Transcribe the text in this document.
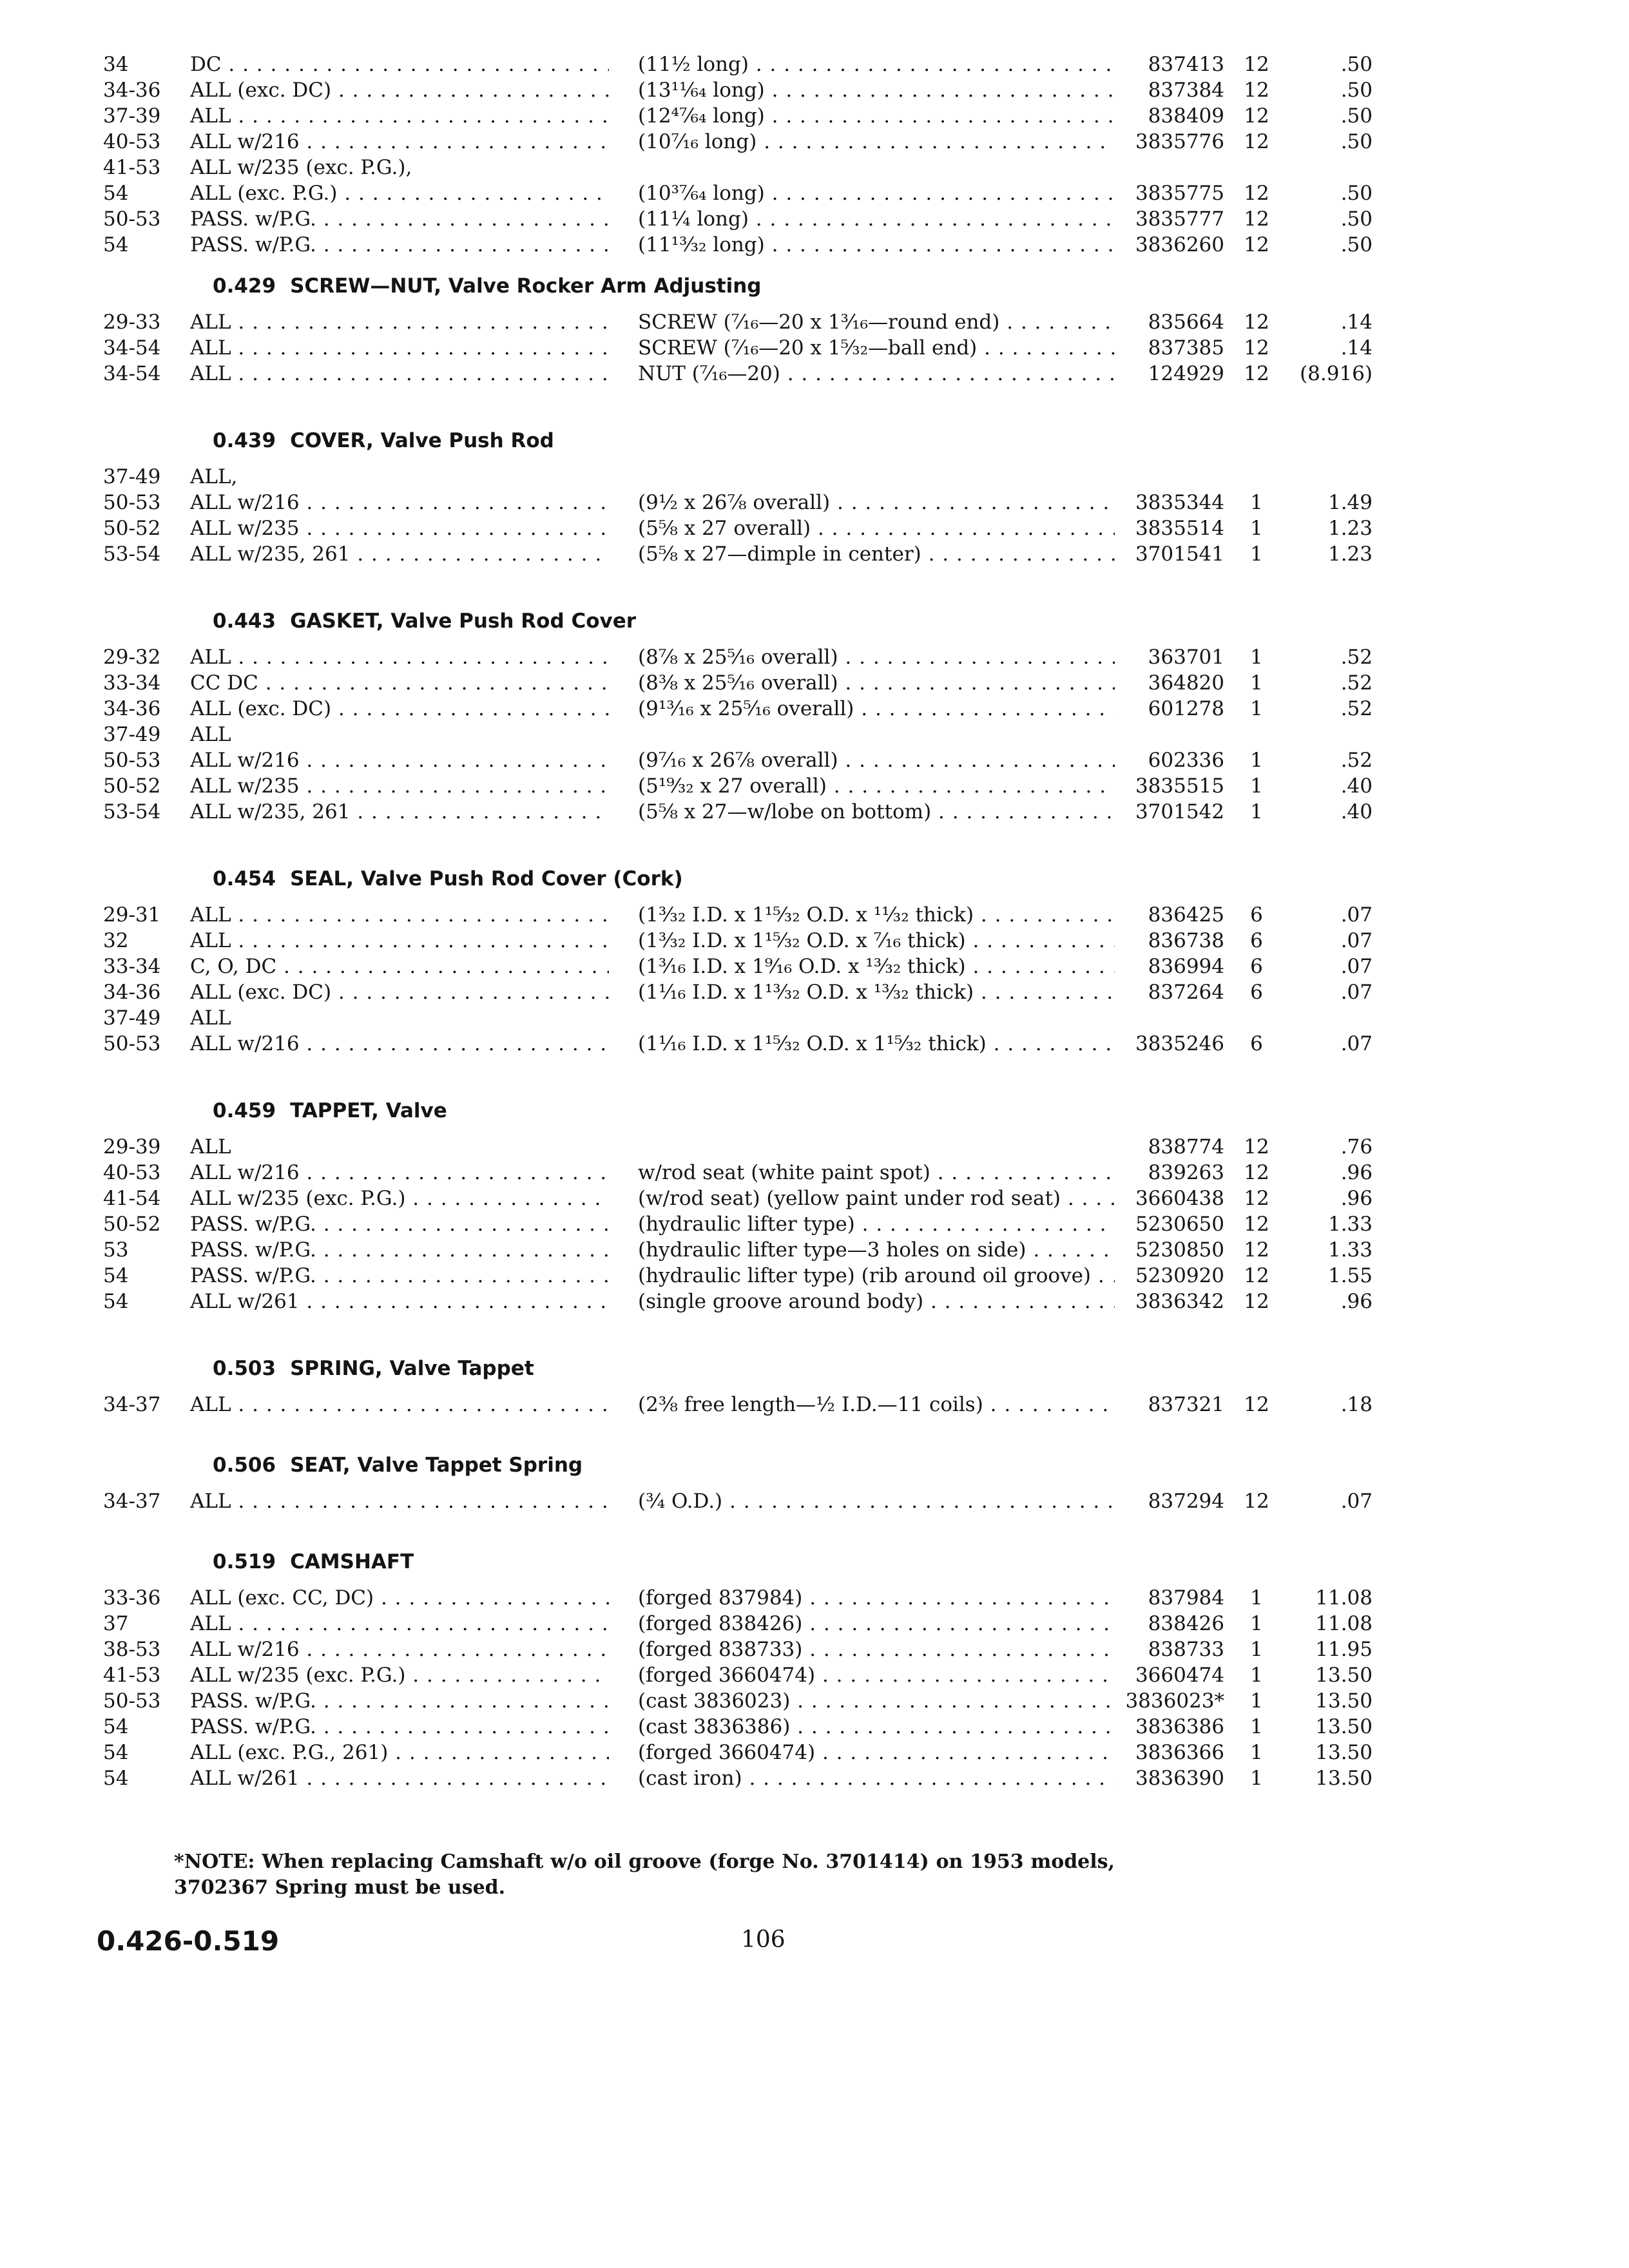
34	DC . . .	(11½ long) . . .	837413 12	.50
34-36	ALL (exc. DC) . . .	(13¹¹⁄₆₄ long) . . .	837384 12	.50
37-39	ALL . . .	(12⁴⁷⁄₆₄ long) . . .	838409 12	.50
40-53	ALL w/216 . . .	(10⁷⁄₁₆ long) . . .	3835776 12	.50
41-53	ALL w/235 (exc. P.G.),
54	ALL (exc. P.G.) . . .	(10³⁷⁄₆₄ long) . . .	3835775 12	.50
50-53	PASS. w/P.G. . . .	(11¼ long) . . .	3835777 12	.50
54	PASS. w/P.G. . . .	(11¹³⁄₃₂ long) . . .	3836260 12	.50
0.429 SCREW—NUT, Valve Rocker Arm Adjusting
29-33	ALL . . .	SCREW (⁷⁄₁₆—20 x 1³⁄₁₆—round end) . . .	835664 12	.14
34-54	ALL . . .	SCREW (⁷⁄₁₆—20 x 1⁵⁄₃₂—ball end) . . .	837385 12	.14
34-54	ALL . . .	NUT (⁷⁄₁₆—20) . . .	124929 12	(8.916)
0.439 COVER, Valve Push Rod
37-49	ALL,
50-53	ALL w/216 . . .	(9½ x 26⅞ overall) . . .	3835344	1	1.49
50-52	ALL w/235 . . .	(5⅝ x 27 overall) . . .	3835514	1	1.23
53-54	ALL w/235, 261 . . .	(5⅝ x 27—dimple in center) . . .	3701541	1	1.23
0.443 GASKET, Valve Push Rod Cover
29-32	ALL . . .	(8⅞ x 25⁵⁄₁₆ overall) . . .	363701	1	.52
33-34	CC DC . . .	(8⅜ x 25⁵⁄₁₆ overall) . . .	364820	1	.52
34-36	ALL (exc. DC) . . .	(9¹³⁄₁₆ x 25⁵⁄₁₆ overall) . . .	601278	1	.52
37-49	ALL
50-53	ALL w/216 . . .	(9⁷⁄₁₆ x 26⅞ overall) . . .	602336	1	.52
50-52	ALL w/235 . . .	(5¹⁹⁄₃₂ x 27 overall) . . .	3835515	1	.40
53-54	ALL w/235, 261 . . .	(5⅝ x 27—w/lobe on bottom) . . .	3701542	1	.40
0.454 SEAL, Valve Push Rod Cover (Cork)
29-31	ALL . . .	(1³⁄₃₂ I.D. x 1¹⁵⁄₃₂ O.D. x ¹¹⁄₃₂ thick) . . .	836425	6	.07
32	ALL . . .	(1³⁄₃₂ I.D. x 1¹⁵⁄₃₂ O.D. x ⁷⁄₁₆ thick) . . .	836738	6	.07
33-34	C, O, DC . . .	(1³⁄₁₆ I.D. x 1⁹⁄₁₆ O.D. x ¹³⁄₃₂ thick) . . .	836994	6	.07
34-36	ALL (exc. DC) . . .	(1¹⁄₁₆ I.D. x 1¹³⁄₃₂ O.D. x ¹³⁄₃₂ thick) . . .	837264	6	.07
37-49	ALL
50-53	ALL w/216 . . .	(1¹⁄₁₆ I.D. x 1¹⁵⁄₃₂ O.D. x 1¹⁵⁄₃₂ thick) . . .	3835246	6	.07
0.459 TAPPET, Valve
29-39	ALL	838774 12	.76
40-53	ALL w/216 . . .	w/rod seat (white paint spot) . . .	839263 12	.96
41-54	ALL w/235 (exc. P.G.) . . .	(w/rod seat) (yellow paint under rod seat) . . .	3660438 12	.96
50-52	PASS. w/P.G. . . .	(hydraulic lifter type) . . .	5230650 12	1.33
53	PASS. w/P.G. . . .	(hydraulic lifter type—3 holes on side) . . .	5230850 12	1.33
54	PASS. w/P.G. . . .	(hydraulic lifter type) (rib around oil groove) . . .	5230920 12	1.55
54	ALL w/261 . . .	(single groove around body) . . .	3836342 12	.96
0.503 SPRING, Valve Tappet
34-37	ALL . . .	(2⅜ free length—½ I.D.—11 coils) . . .	837321 12	.18
0.506 SEAT, Valve Tappet Spring
34-37	ALL . . .	(¾ O.D.) . . .	837294 12	.07
0.519 CAMSHAFT
33-36	ALL (exc. CC, DC) . . .	(forged 837984) . . .	837984	1	11.08
37	ALL . . .	(forged 838426) . . .	838426	1	11.08
38-53	ALL w/216 . . .	(forged 838733) . . .	838733	1	11.95
41-53	ALL w/235 (exc. P.G.) . . .	(forged 3660474) . . .	3660474	1	13.50
50-53	PASS. w/P.G. . . .	(cast 3836023) . . .	3836023*	1	13.50
54	PASS. w/P.G. . . .	(cast 3836386) . . .	3836386	1	13.50
54	ALL (exc. P.G., 261) . . .	(forged 3660474) . . .	3836366	1	13.50
54	ALL w/261 . . .	(cast iron) . . .	3836390	1	13.50
*NOTE: When replacing Camshaft w/o oil groove (forge No. 3701414) on 1953 models, 3702367 Spring must be used.
0.426-0.519	106
